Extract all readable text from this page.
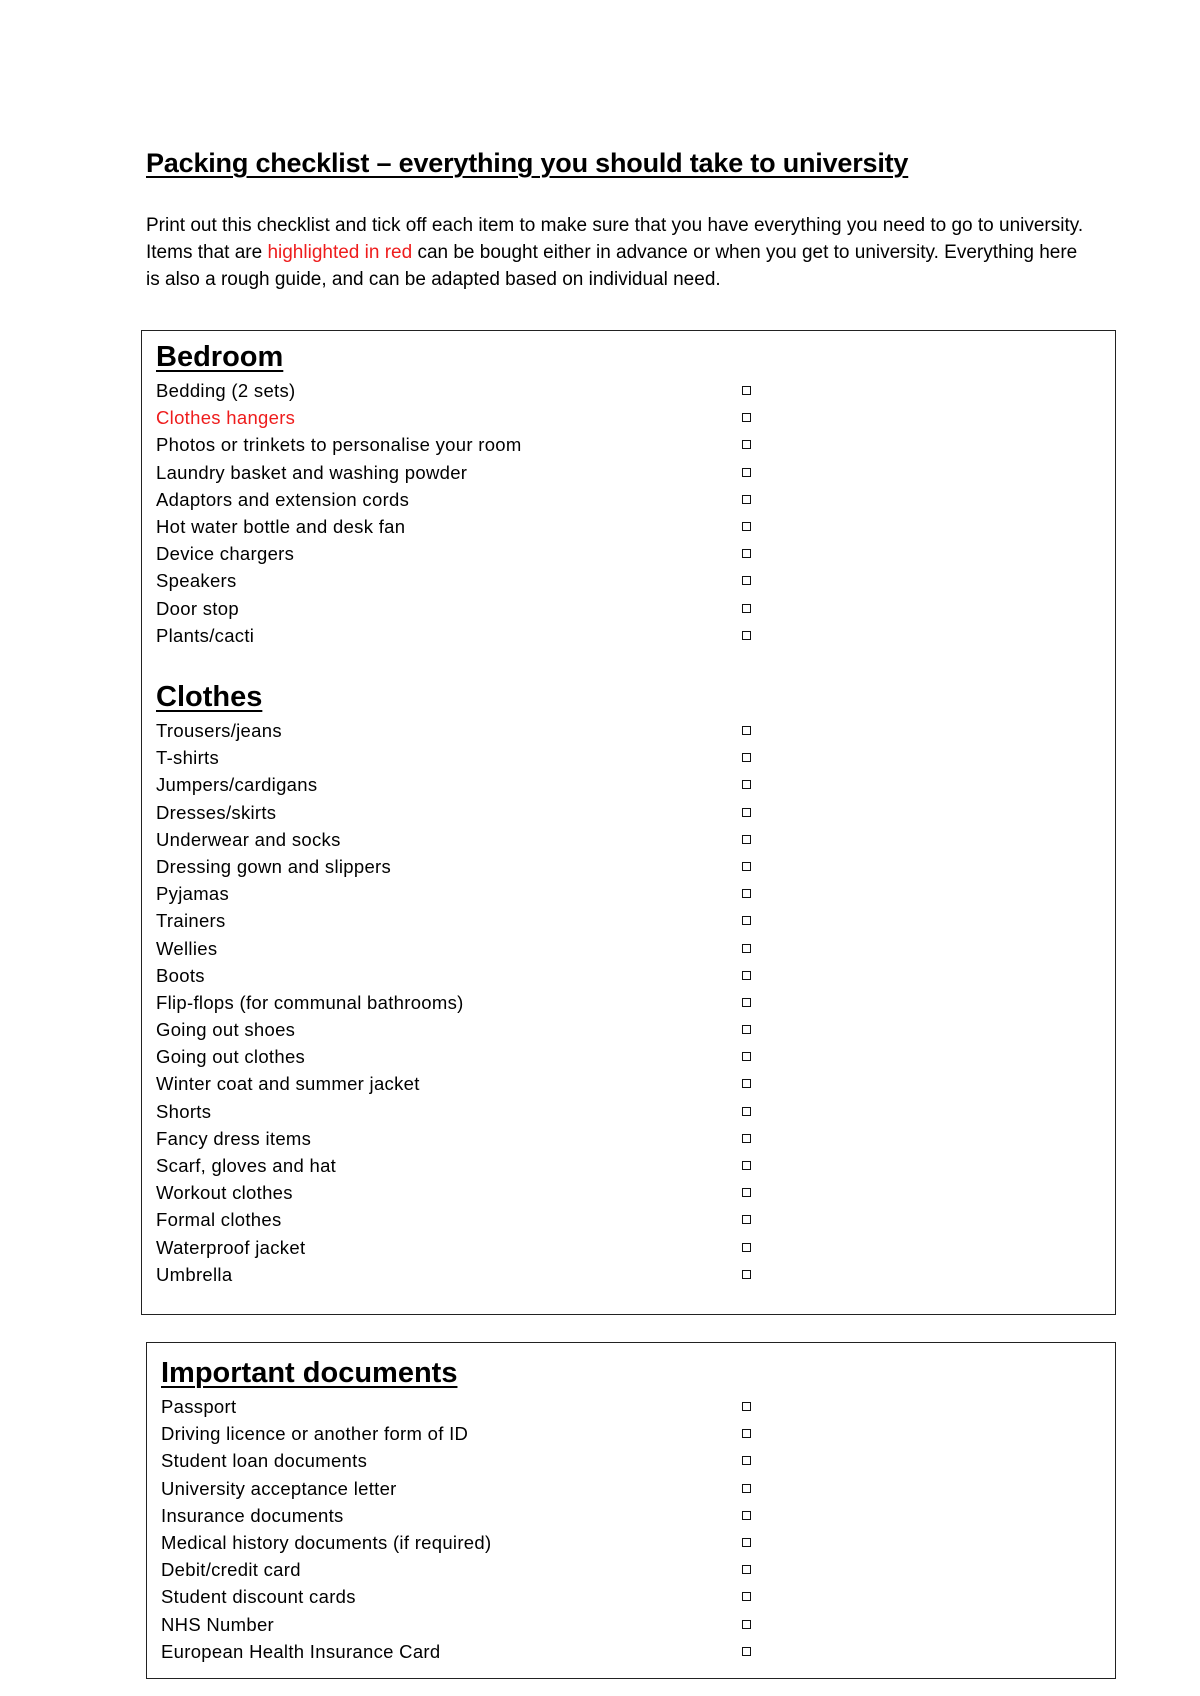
Packing checklist – everything you should take to university

Print out this checklist and tick off each item to make sure that you have everything you need to go to university. Items that are highlighted in red can be bought either in advance or when you get to university. Everything here is also a rough guide, and can be adapted based on individual need.

Bedroom
Bedding (2 sets)
Clothes hangers
Photos or trinkets to personalise your room
Laundry basket and washing powder
Adaptors and extension cords
Hot water bottle and desk fan
Device chargers
Speakers
Door stop
Plants/cacti
Clothes
Trousers/jeans
T-shirts
Jumpers/cardigans
Dresses/skirts
Underwear and socks
Dressing gown and slippers
Pyjamas
Trainers
Wellies
Boots
Flip-flops (for communal bathrooms)
Going out shoes
Going out clothes
Winter coat and summer jacket
Shorts
Fancy dress items
Scarf, gloves and hat
Workout clothes
Formal clothes
Waterproof jacket
Umbrella
Important documents
Passport
Driving licence or another form of ID
Student loan documents
University acceptance letter
Insurance documents
Medical history documents (if required)
Debit/credit card
Student discount cards
NHS Number
European Health Insurance Card
